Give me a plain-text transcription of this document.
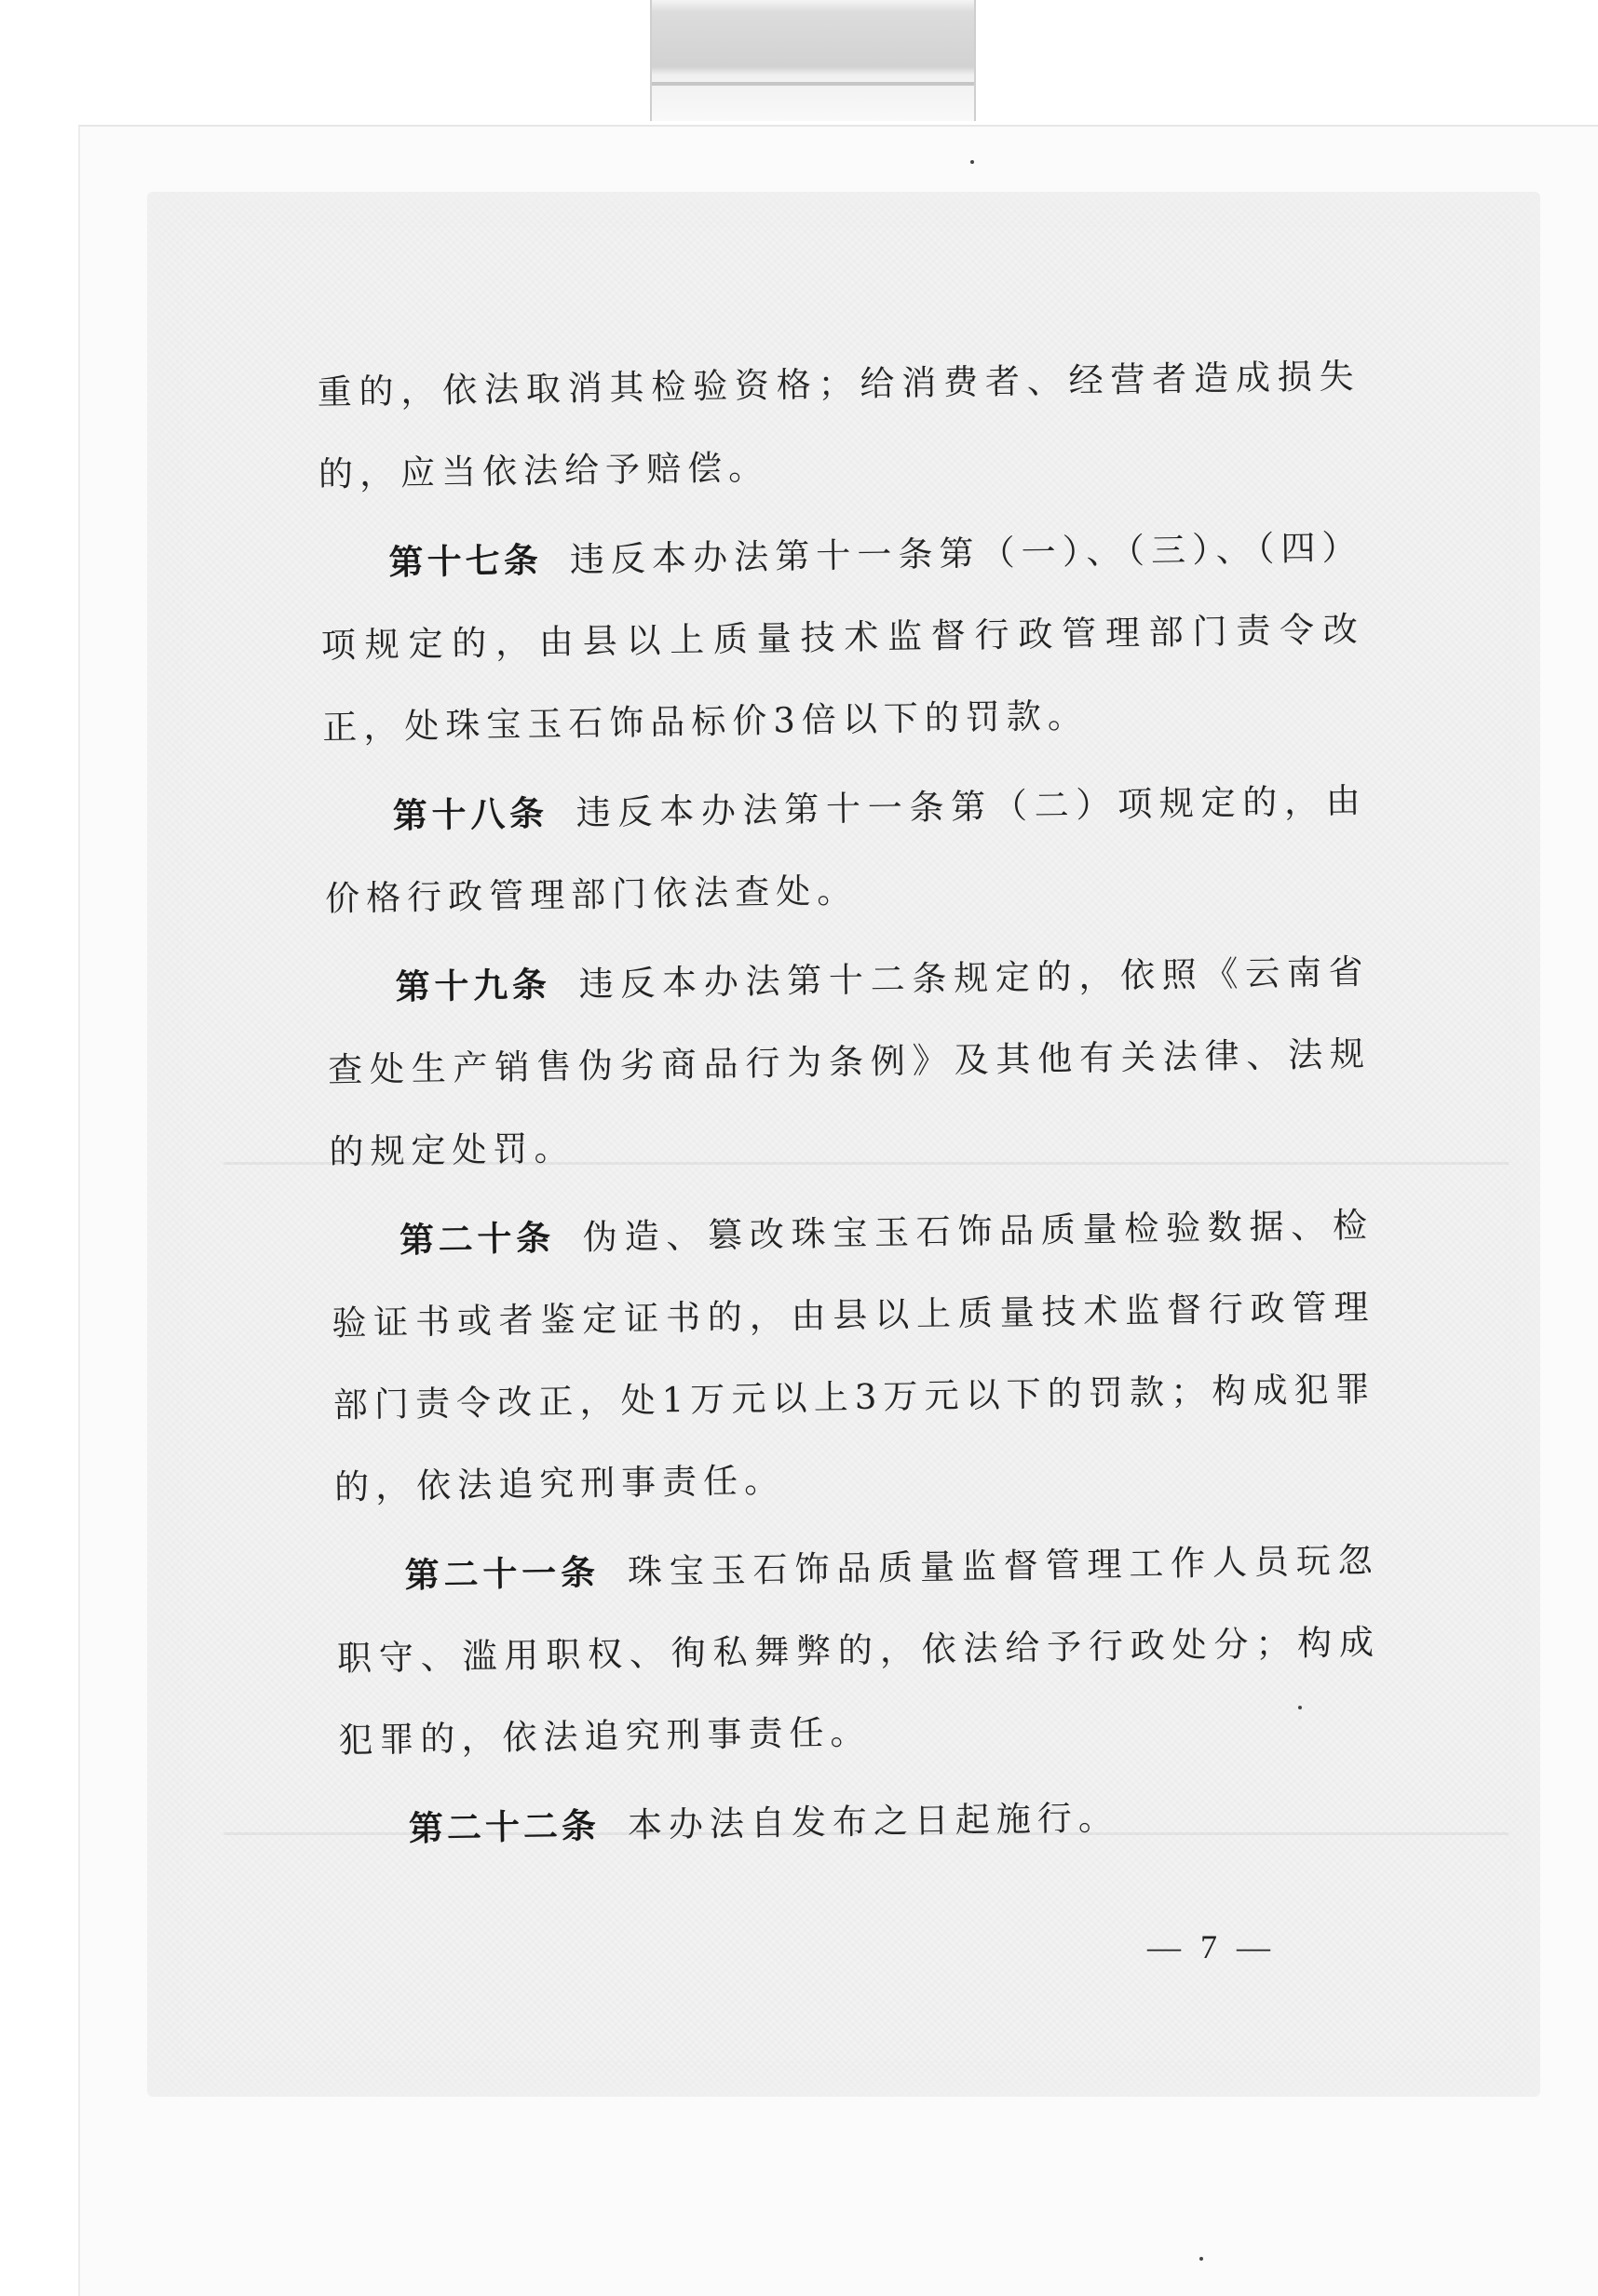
重的，依法取消其检验资格；给消费者、经营者造成损失的，应当依法给予赔偿。

第十七条 违反本办法第十一条第（一）、（三）、（四）项规定的，由县以上质量技术监督行政管理部门责令改正，处珠宝玉石饰品标价3倍以下的罚款。

第十八条 违反本办法第十一条第（二）项规定的，由价格行政管理部门依法查处。

第十九条 违反本办法第十二条规定的，依照《云南省查处生产销售伪劣商品行为条例》及其他有关法律、法规的规定处罚。

第二十条 伪造、篡改珠宝玉石饰品质量检验数据、检验证书或者鉴定证书的，由县以上质量技术监督行政管理部门责令改正，处1万元以上3万元以下的罚款；构成犯罪的，依法追究刑事责任。

第二十一条 珠宝玉石饰品质量监督管理工作人员玩忽职守、滥用职权、徇私舞弊的，依法给予行政处分；构成犯罪的，依法追究刑事责任。

第二十二条 本办法自发布之日起施行。

— 7 —
